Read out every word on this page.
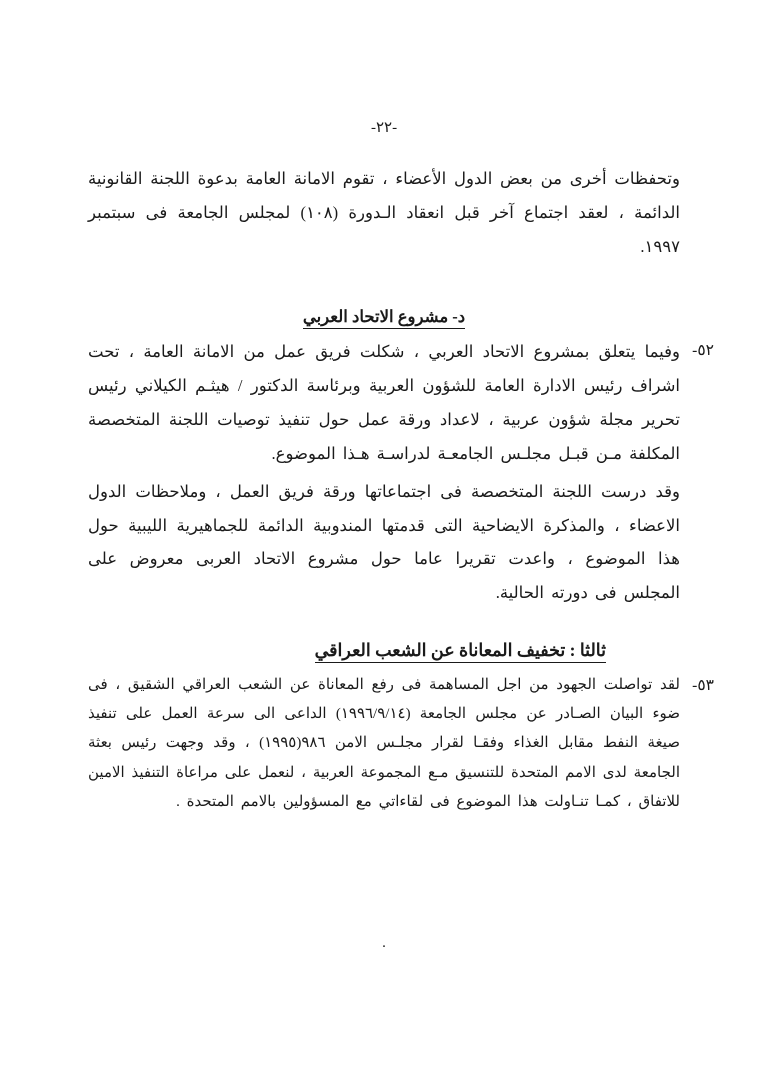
-٢٢-

وتحفظات أخرى من بعض الدول الأعضاء ، تقوم الامانة العامة بدعوة اللجنة القانونية الدائمة ، لعقد اجتماع آخر قبل انعقاد الـدورة (١٠٨) لمجلس الجامعة فى سبتمبر ١٩٩٧.

د- مشروع الاتحاد العربي

٥٢-
وفيما يتعلق بمشروع الاتحاد العربي ، شكلت فريق عمل من الامانة العامة ، تحت اشراف رئيس الادارة العامة للشؤون العربية وبرئاسة الدكتور / هيثـم الكيلاني رئيس تحرير مجلة شؤون عربية ، لاعداد ورقة عمل حول تنفيذ توصيات اللجنة المتخصصة المكلفة مـن قبـل مجلـس الجامعـة لدراسـة هـذا الموضوع.

وقد درست اللجنة المتخصصة فى اجتماعاتها ورقة فريق العمل ، وملاحظات الدول الاعضاء ، والمذكرة الايضاحية التى قدمتها المندوبية الدائمة للجماهيرية الليبية حول هذا الموضوع ، واعدت تقريرا عاما حول مشروع الاتحاد العربى معروض على المجلس فى دورته الحالية.

ثالثا : تخفيف المعاناة عن الشعب العراقي

٥٣-
لقد تواصلت الجهود من اجل المساهمة فى رفع المعاناة عن الشعب العراقي الشقيق ، فى ضوء البيان الصـادر عن مجلس الجامعة (١٩٩٦/٩/١٤) الداعى الى سرعة العمل على تنفيذ صيغة النفط مقابل الغذاء وفقـا لقرار مجلـس الامن ٩٨٦(١٩٩٥) ، وقد وجهت رئيس بعثة الجامعة لدى الامم المتحدة للتنسيق مـع المجموعة العربية ، لنعمل على مراعاة التنفيذ الامين للاتفاق ، كمـا تنـاولت هذا الموضوع فى لقاءاتي مع المسؤولين بالامم المتحدة .

.
